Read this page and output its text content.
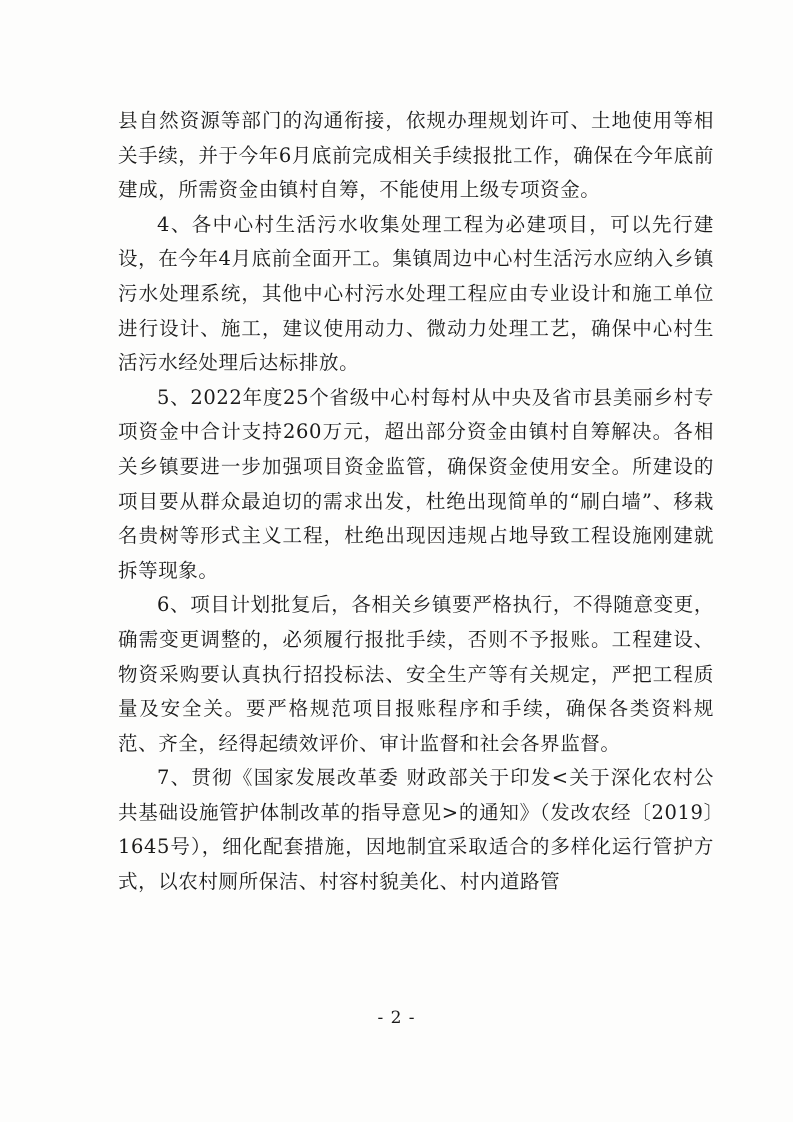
县自然资源等部门的沟通衔接，依规办理规划许可、土地使用等相关手续，并于今年6月底前完成相关手续报批工作，确保在今年底前建成，所需资金由镇村自筹，不能使用上级专项资金。

4、各中心村生活污水收集处理工程为必建项目，可以先行建设，在今年4月底前全面开工。集镇周边中心村生活污水应纳入乡镇污水处理系统，其他中心村污水处理工程应由专业设计和施工单位进行设计、施工，建议使用动力、微动力处理工艺，确保中心村生活污水经处理后达标排放。

5、2022年度25个省级中心村每村从中央及省市县美丽乡村专项资金中合计支持260万元，超出部分资金由镇村自筹解决。各相关乡镇要进一步加强项目资金监管，确保资金使用安全。所建设的项目要从群众最迫切的需求出发，杜绝出现简单的“刷白墙”、移栽名贵树等形式主义工程，杜绝出现因违规占地导致工程设施刚建就拆等现象。

6、项目计划批复后，各相关乡镇要严格执行，不得随意变更，确需变更调整的，必须履行报批手续，否则不予报账。工程建设、物资采购要认真执行招投标法、安全生产等有关规定，严把工程质量及安全关。要严格规范项目报账程序和手续，确保各类资料规范、齐全，经得起绩效评价、审计监督和社会各界监督。

7、贯彻《国家发展改革委 财政部关于印发<关于深化农村公共基础设施管护体制改革的指导意见>的通知》（发改农经〔2019〕1645号），细化配套措施，因地制宜采取适合的多样化运行管护方式，以农村厕所保洁、村容村貌美化、村内道路管

- 2 -
